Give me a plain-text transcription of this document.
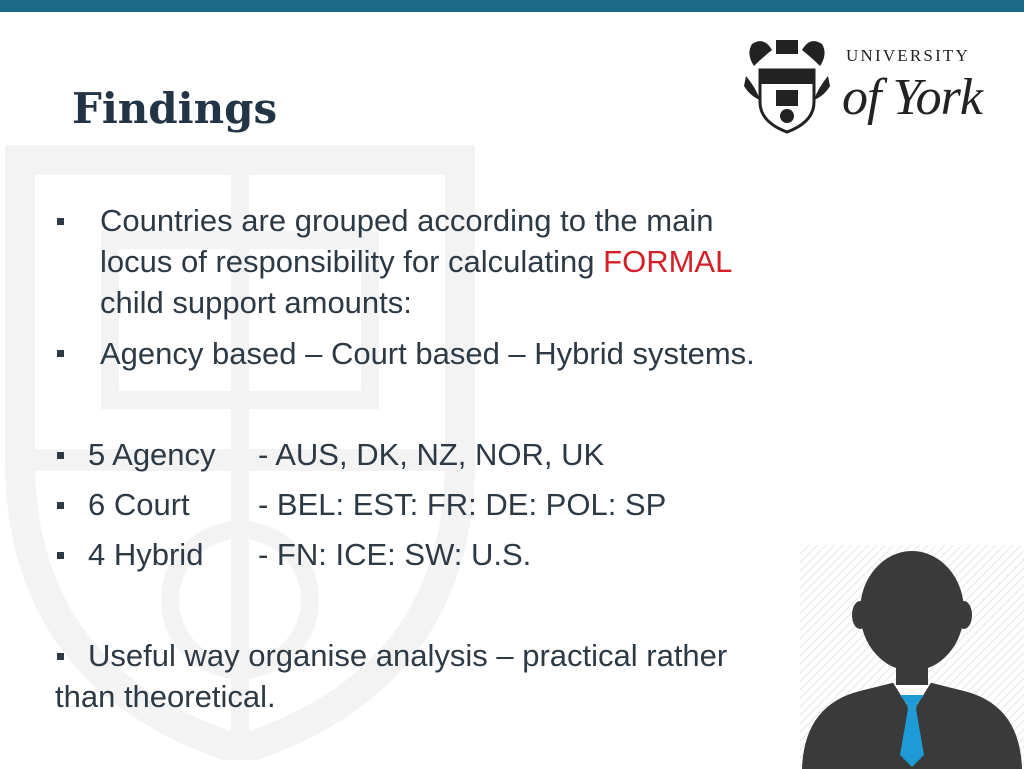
Findings
UNIVERSITY
of York
Countries are grouped according to the main
locus of responsibility for calculating FORMAL
child support amounts:
Agency based – Court based – Hybrid systems.
5 Agency - AUS, DK, NZ, NOR, UK
6 Court - BEL: EST: FR: DE: POL: SP
4 Hybrid - FN: ICE: SW: U.S.
Useful way organise analysis – practical rather
than theoretical.
